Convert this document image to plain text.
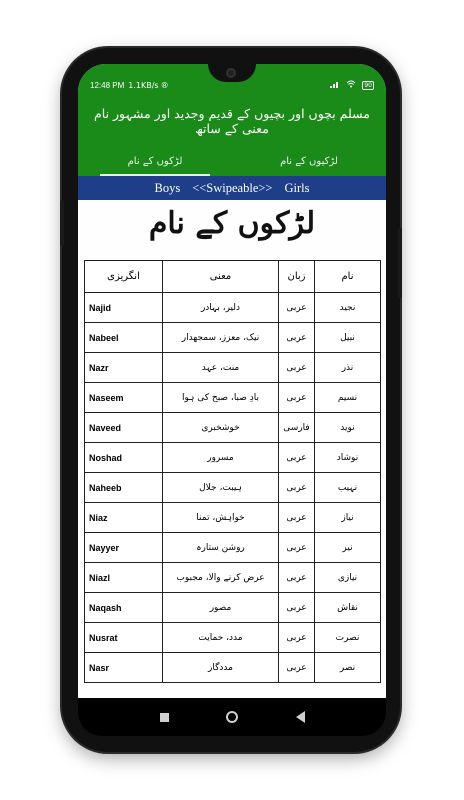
12:48 PM 1.1KB/s ®	90
مسلم بچوں اور بچیوں کے قدیم وجدید اور مشہور نام معنی کے ساتھ
لڑکوں کے نام	لڑکیوں کے نام
Boys <<Swipeable>> Girls
لڑکوں کے نام
انگریزی	معنی	زبان	نام
Najid	دلیر، بہادر	عربی	نجید
Nabeel	نیک، معزز، سمجھدار	عربی	نبیل
Nazr	منت، عہد	عربی	نذر
Naseem	بادِ صبا، صبح کی ہوا	عربی	نسیم
Naveed	خوشخبری	فارسی	نوید
Noshad	مسرور	عربی	نوشاد
Naheeb	ہیبت، جلال	عربی	نہیب
Niaz	خواہش، تمنا	عربی	نیاز
Nayyer	روشن ستارہ	عربی	نیر
Niazl	عرض کرنے والا، مجبوب	عربی	نیازی
Naqash	مصور	عربی	نقاش
Nusrat	مدد، حمایت	عربی	نصرت
Nasr	مددگار	عربی	نصر
